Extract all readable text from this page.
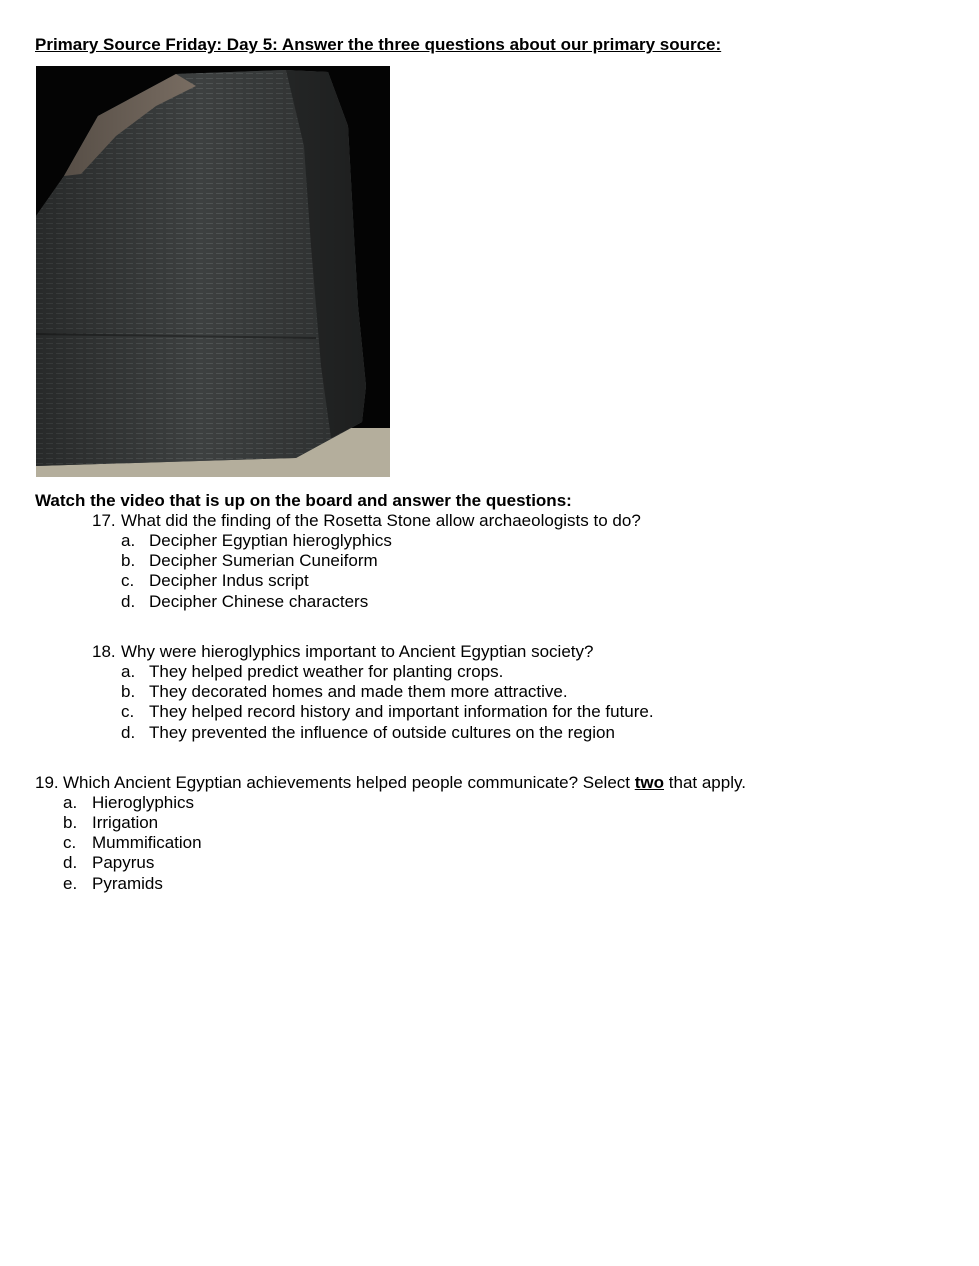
Primary Source Friday: Day 5: Answer the three questions about our primary source:
Watch the video that is up on the board and answer the questions:
17. What did the finding of the Rosetta Stone allow archaeologists to do?
a. Decipher Egyptian hieroglyphics
b. Decipher Sumerian Cuneiform
c. Decipher Indus script
d. Decipher Chinese characters
18. Why were hieroglyphics important to Ancient Egyptian society?
a. They helped predict weather for planting crops.
b. They decorated homes and made them more attractive.
c. They helped record history and important information for the future.
d. They prevented the influence of outside cultures on the region
19. Which Ancient Egyptian achievements helped people communicate? Select two that apply.
a. Hieroglyphics
b. Irrigation
c. Mummification
d. Papyrus
e. Pyramids
